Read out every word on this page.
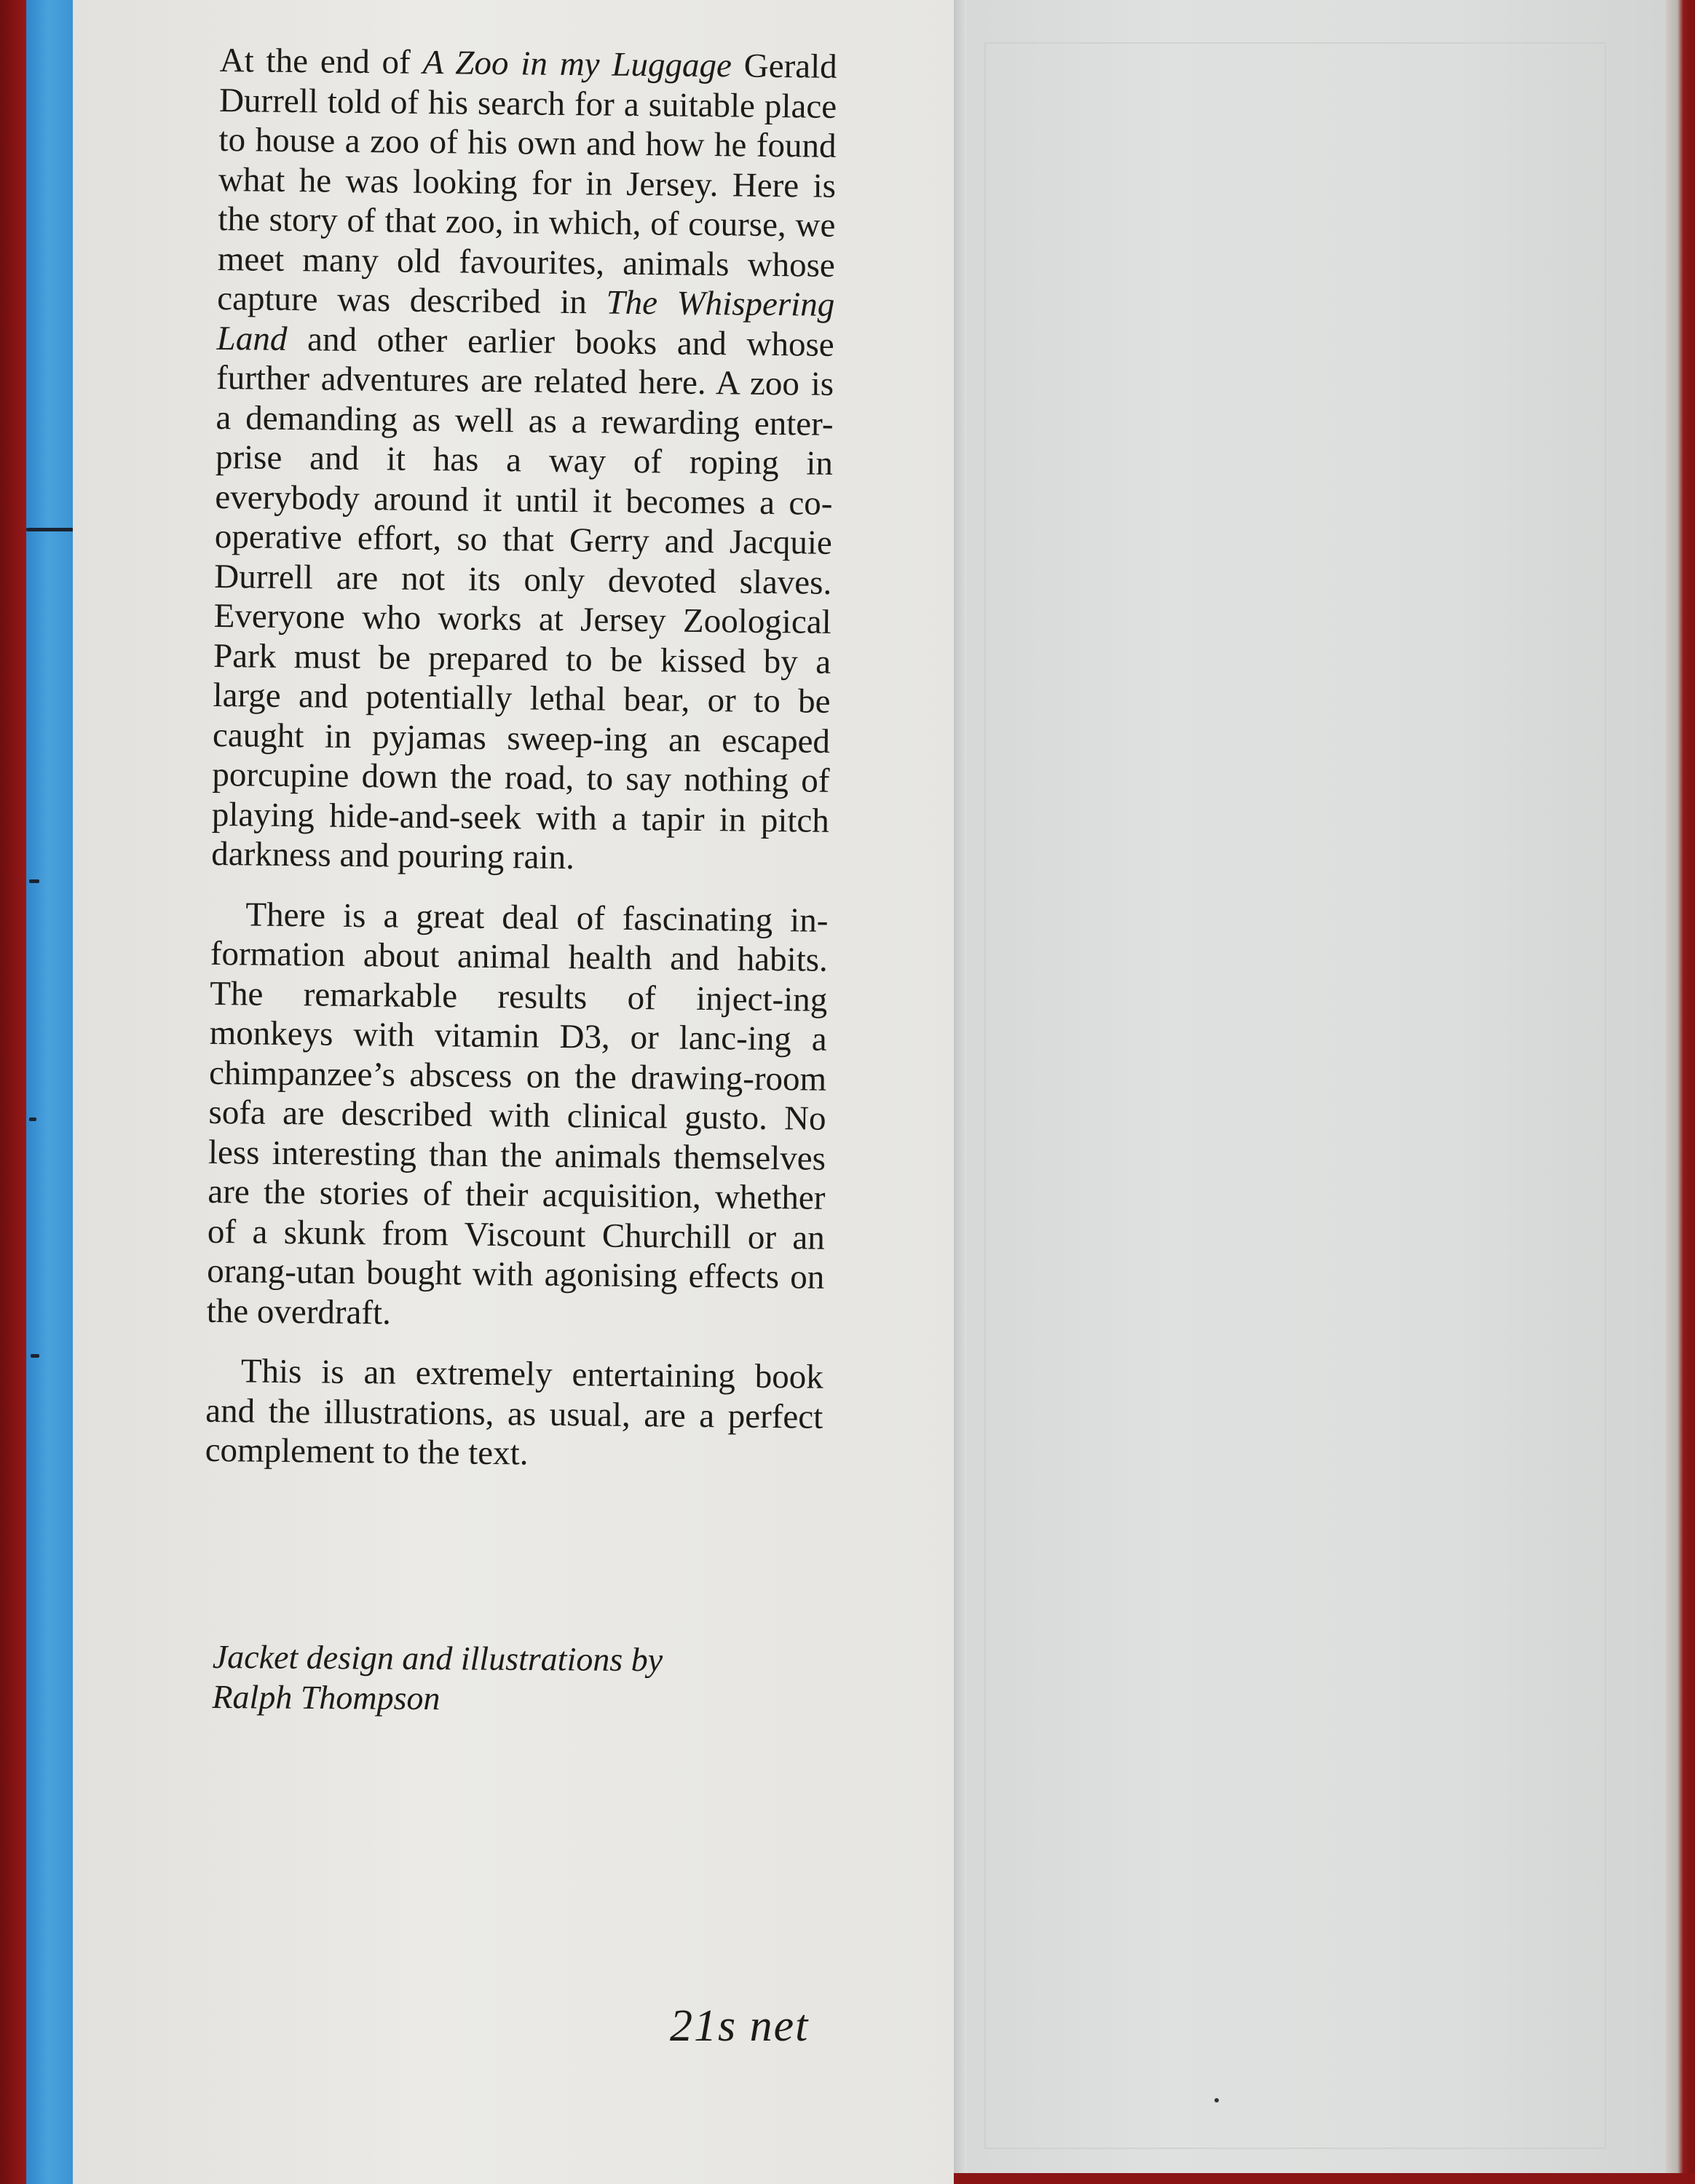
At the end of A Zoo in my Luggage Gerald Durrell told of his search for a suitable place to house a zoo of his own and how he found what he was looking for in Jersey. Here is the story of that zoo, in which, of course, we meet many old favourites, animals whose capture was described in The Whispering Land and other earlier books and whose further adventures are related here. A zoo is a demanding as well as a rewarding enter-prise and it has a way of roping in everybody around it until it becomes a co-operative effort, so that Gerry and Jacquie Durrell are not its only devoted slaves. Everyone who works at Jersey Zoological Park must be prepared to be kissed by a large and potentially lethal bear, or to be caught in pyjamas sweep-ing an escaped porcupine down the road, to say nothing of playing hide-and-seek with a tapir in pitch darkness and pouring rain.

There is a great deal of fascinating in-formation about animal health and habits. The remarkable results of inject-ing monkeys with vitamin D3, or lanc-ing a chimpanzee’s abscess on the drawing-room sofa are described with clinical gusto. No less interesting than the animals themselves are the stories of their acquisition, whether of a skunk from Viscount Churchill or an orang-utan bought with agonising effects on the overdraft.

This is an extremely entertaining book and the illustrations, as usual, are a perfect complement to the text.

Jacket design and illustrations by
Ralph Thompson
21s net
